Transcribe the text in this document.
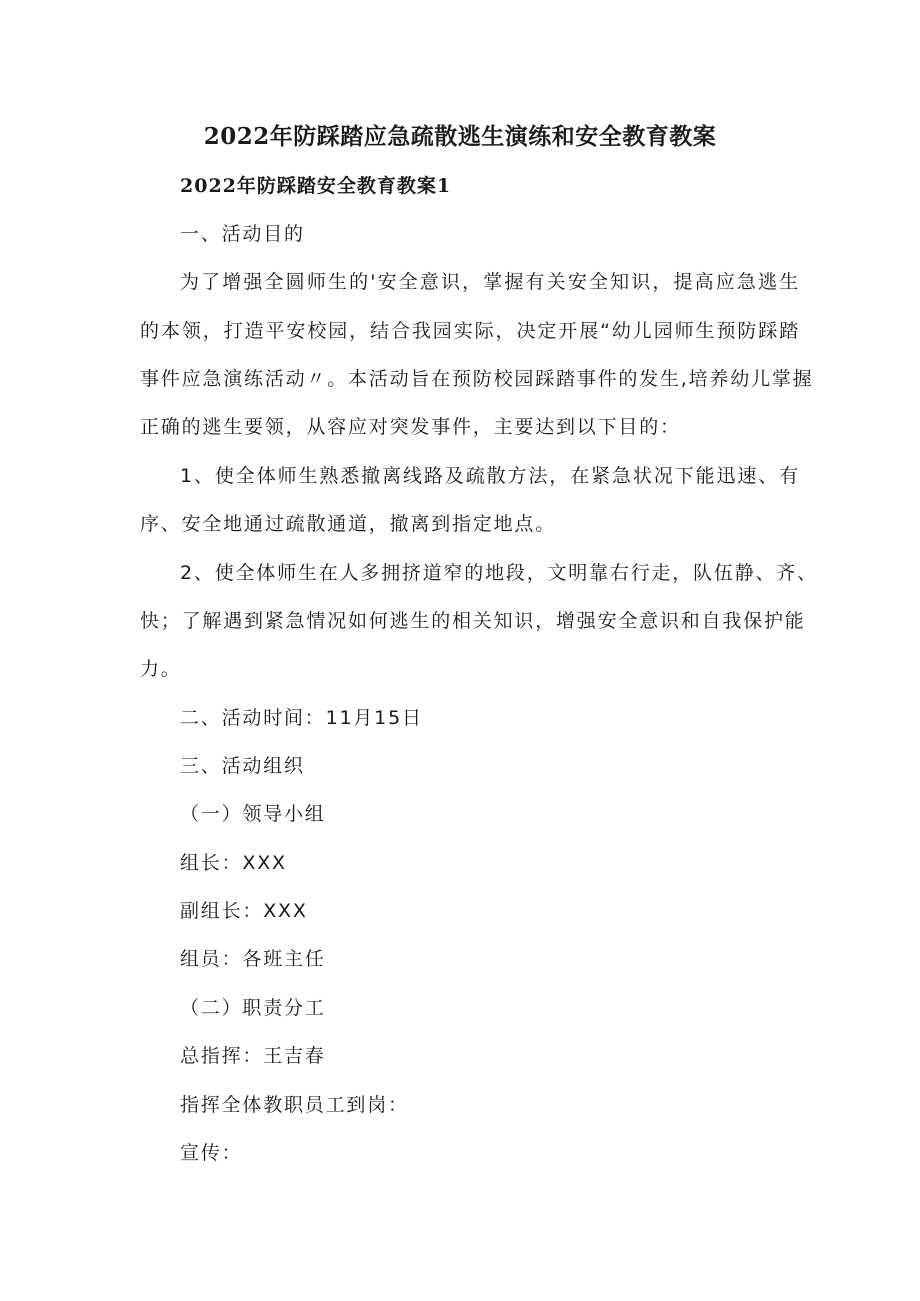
2022年防踩踏应急疏散逃生演练和安全教育教案
2022年防踩踏安全教育教案1
一、活动目的
为了增强全圆师生的'安全意识，掌握有关安全知识，提高应急逃生
的本领，打造平安校园，结合我园实际，决定开展“幼儿园师生预防踩踏
事件应急演练活动〃。本活动旨在预防校园踩踏事件的发生,培养幼儿掌握
正确的逃生要领，从容应对突发事件，主要达到以下目的：
1、使全体师生熟悉撤离线路及疏散方法，在紧急状况下能迅速、有
序、安全地通过疏散通道，撤离到指定地点。
2、使全体师生在人多拥挤道窄的地段，文明靠右行走，队伍静、齐、
快；了解遇到紧急情况如何逃生的相关知识，增强安全意识和自我保护能
力。
二、活动时间：11月15日
三、活动组织
（一）领导小组
组长：XXX
副组长：XXX
组员：各班主任
（二）职责分工
总指挥：王吉春
指挥全体教职员工到岗：
宣传：
